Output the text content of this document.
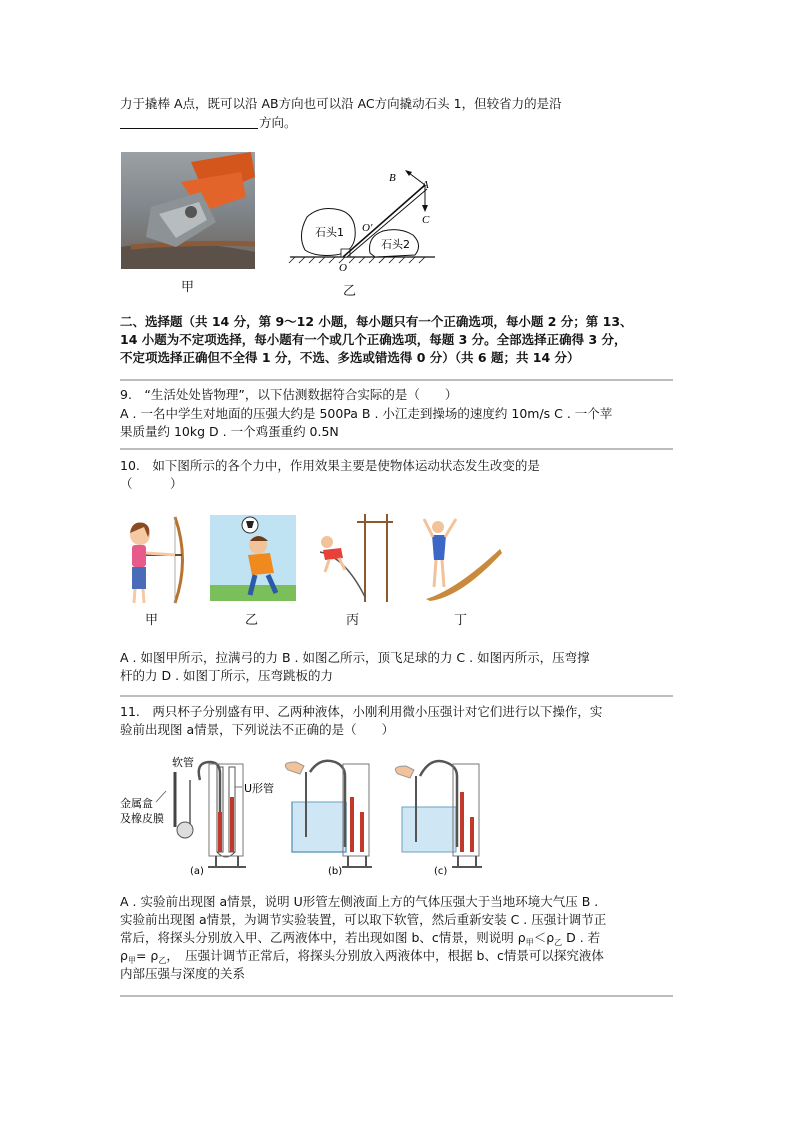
力于撬棒 A点，既可以沿 AB方向也可以沿 AC方向撬动石头 1，但较省力的是沿
方向。
甲
B
A
C
O
O′
石头1
石头2
乙
二、选择题（共 14 分，第 9～12 小题，每小题只有一个正确选项，每小题 2 分；第 13、
14 小题为不定项选择，每小题有一个或几个正确选项，每题 3 分。全部选择正确得 3 分，
不定项选择正确但不全得 1 分，不选、多选或错选得 0 分）（共 6 题；共 14 分）
9.　“生活处处皆物理”，以下估测数据符合实际的是（　　）
A . 一名中学生对地面的压强大约是 500Pa B . 小江走到操场的速度约 10m/s C . 一个苹
果质量约 10kg D . 一个鸡蛋重约 0.5N
10.　如下图所示的各个力中，作用效果主要是使物体运动状态发生改变的是
（　　　）
甲	乙	丙	丁
A . 如图甲所示，拉满弓的力 B . 如图乙所示，顶飞足球的力 C . 如图丙所示，压弯撑
杆的力 D . 如图丁所示，压弯跳板的力
11.　两只杯子分别盛有甲、乙两种液体，小刚利用微小压强计对它们进行以下操作，实
验前出现图 a情景，下列说法不正确的是（　　）
软管
U形管
金属盒
及橡皮膜
(a)	(b)	(c)
A . 实验前出现图 a情景，说明 U形管左侧液面上方的气体压强大于当地环境大气压 B .
实验前出现图 a情景，为调节实验装置，可以取下软管，然后重新安装 C . 压强计调节正
常后，将探头分别放入甲、乙两液体中，若出现如图 b、c情景，则说明 $\rho_甲<\rho_乙$ D . 若
$\rho_甲= \rho_乙$，　压强计调节正常后，将探头分别放入两液体中，根据 b、c情景可以探究液体
内部压强与深度的关系
